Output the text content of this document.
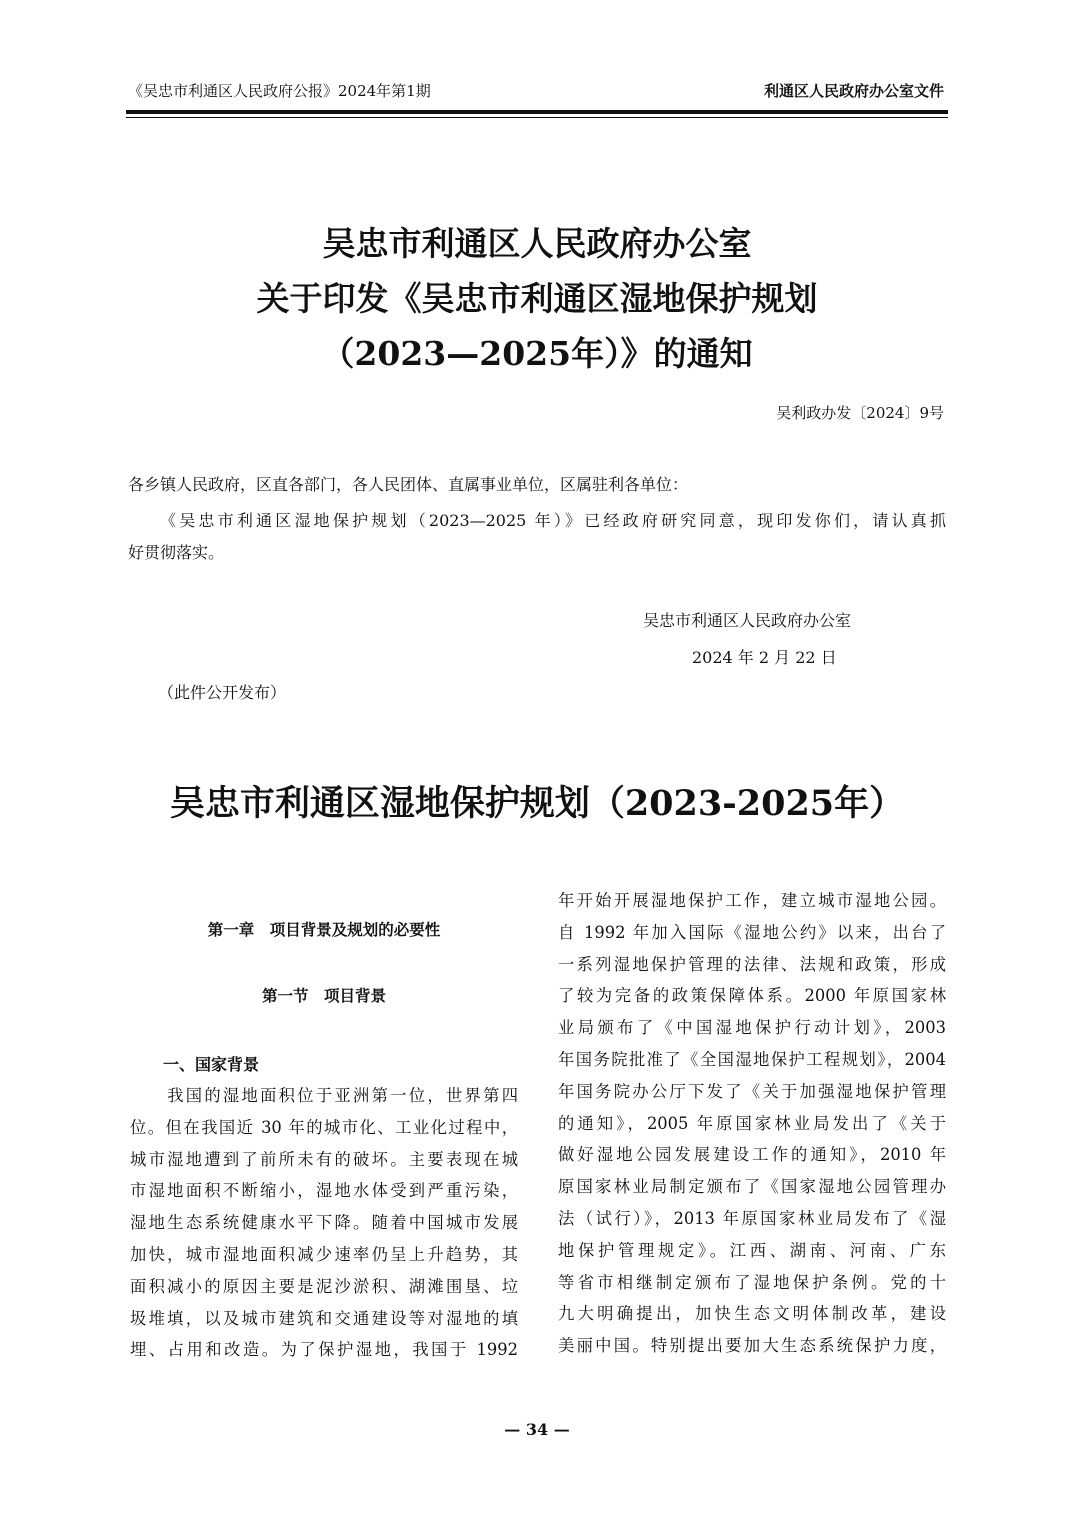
《吴忠市利通区人民政府公报》2024年第1期	利通区人民政府办公室文件
吴忠市利通区人民政府办公室
关于印发《吴忠市利通区湿地保护规划
（2023—2025年）》的通知
吴利政办发〔2024〕9号
各乡镇人民政府，区直各部门，各人民团体、直属事业单位，区属驻利各单位：
《吴忠市利通区湿地保护规划（2023—2025 年）》已经政府研究同意，现印发你们，请认真抓
好贯彻落实。
吴忠市利通区人民政府办公室
2024 年 2 月 22 日
（此件公开发布）
吴忠市利通区湿地保护规划（2023-2025年）
第一章　项目背景及规划的必要性
第一节　项目背景
一、国家背景
　　我国的湿地面积位于亚洲第一位，世界第四
位。但在我国近 30 年的城市化、工业化过程中，
城市湿地遭到了前所未有的破坏。主要表现在城
市湿地面积不断缩小，湿地水体受到严重污染，
湿地生态系统健康水平下降。随着中国城市发展
加快，城市湿地面积减少速率仍呈上升趋势，其
面积减小的原因主要是泥沙淤积、湖滩围垦、垃
圾堆填，以及城市建筑和交通建设等对湿地的填
埋、占用和改造。为了保护湿地，我国于 1992
年开始开展湿地保护工作，建立城市湿地公园。
自 1992 年加入国际《湿地公约》以来，出台了
一系列湿地保护管理的法律、法规和政策，形成
了较为完备的政策保障体系。2000 年原国家林
业局颁布了《中国湿地保护行动计划》，2003
年国务院批准了《全国湿地保护工程规划》，2004
年国务院办公厅下发了《关于加强湿地保护管理
的通知》，2005 年原国家林业局发出了《关于
做好湿地公园发展建设工作的通知》，2010 年
原国家林业局制定颁布了《国家湿地公园管理办
法（试行）》，2013 年原国家林业局发布了《湿
地保护管理规定》。江西、湖南、河南、广东
等省市相继制定颁布了湿地保护条例。党的十
九大明确提出，加快生态文明体制改革，建设
美丽中国。特别提出要加大生态系统保护力度，
— 34 —
